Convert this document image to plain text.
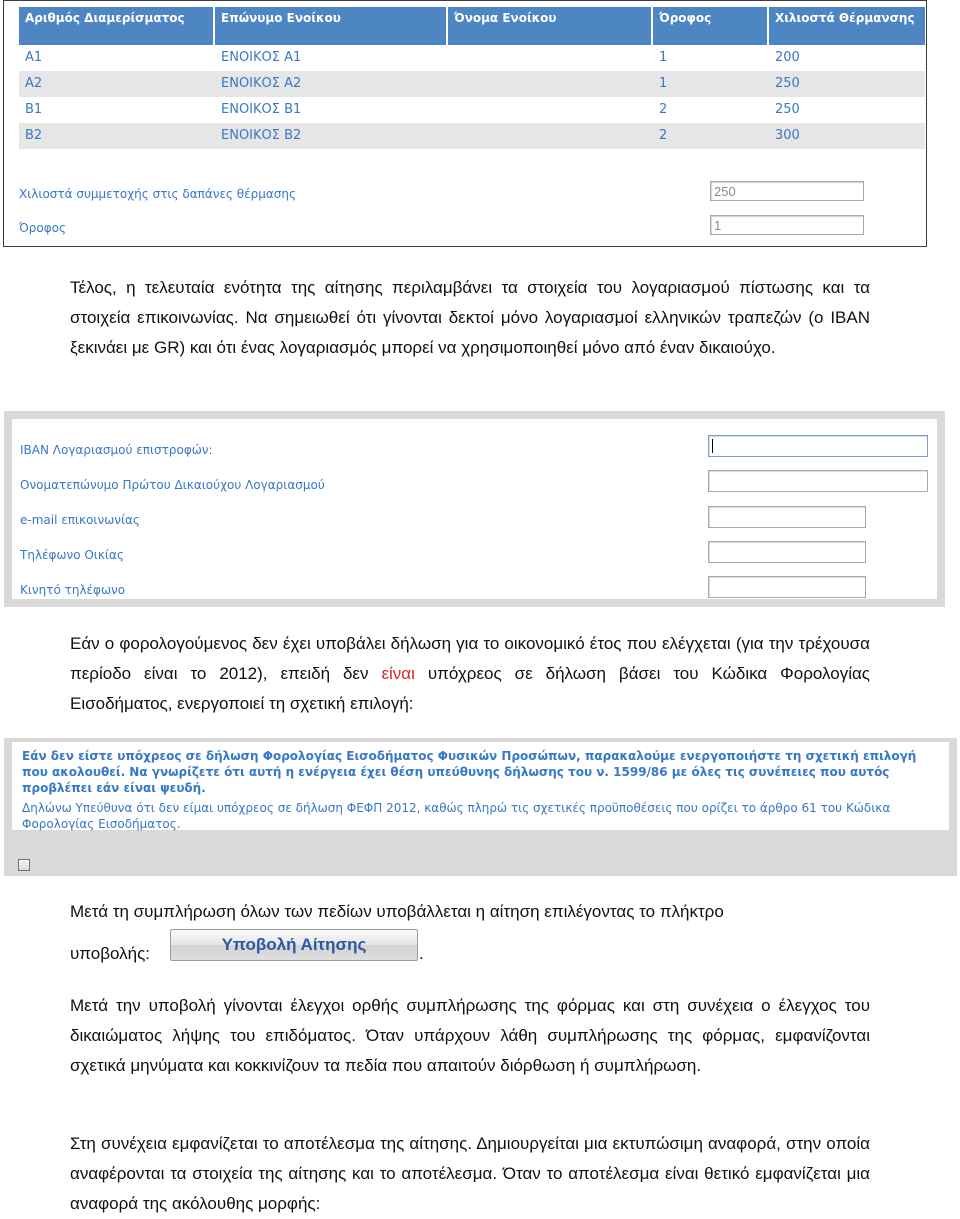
Αριθμός Διαμερίσματος	Επώνυμο Ενοίκου	Όνομα Ενοίκου	Όροφος	Χιλιοστά Θέρμανσης
A1	ΕΝΟΙΚΟΣ Α1		1	200
A2	ΕΝΟΙΚΟΣ Α2		1	250
B1	ΕΝΟΙΚΟΣ Β1		2	250
B2	ΕΝΟΙΚΟΣ Β2		2	300
Χιλιοστά συμμετοχής στις δαπάνες θέρμασης
250
Όροφος
1

Τέλος, η τελευταία ενότητα της αίτησης περιλαμβάνει τα στοιχεία του λογαριασμού πίστωσης και τα στοιχεία επικοινωνίας. Να σημειωθεί ότι γίνονται δεκτοί μόνο λογαριασμοί ελληνικών τραπεζών (ο IBAN ξεκινάει με GR) και ότι ένας λογαριασμός μπορεί να χρησιμοποιηθεί μόνο από έναν δικαιούχο.

IBAN Λογαριασμού επιστροφών:
Ονοματεπώνυμο Πρώτου Δικαιούχου Λογαριασμού
e-mail επικοινωνίας
Τηλέφωνο Οικίας
Κινητό τηλέφωνο

Εάν ο φορολογούμενος δεν έχει υποβάλει δήλωση για το οικονομικό έτος που ελέγχεται (για την τρέχουσα περίοδο είναι το 2012), επειδή δεν είναι υπόχρεος σε δήλωση βάσει του Κώδικα Φορολογίας Εισοδήματος, ενεργοποιεί τη σχετική επιλογή:

Εάν δεν είστε υπόχρεος σε δήλωση Φορολογίας Εισοδήματος Φυσικών Προσώπων, παρακαλούμε ενεργοποιήστε τη σχετική επιλογή που ακολουθεί. Να γνωρίζετε ότι αυτή η ενέργεια έχει θέση υπεύθυνης δήλωσης του ν. 1599/86 με όλες τις συνέπειες που αυτός προβλέπει εάν είναι ψευδή.

Δηλώνω Υπεύθυνα ότι δεν είμαι υπόχρεος σε δήλωση ΦΕΦΠ 2012, καθώς πληρώ τις σχετικές προϋποθέσεις που ορίζει το άρθρο 61 του Κώδικα Φορολογίας Εισοδήματος.

Μετά τη συμπλήρωση όλων των πεδίων υποβάλλεται η αίτηση επιλέγοντας το πλήκτρο

υποβολής:	Υποβολή Αίτησης	.

Μετά την υποβολή γίνονται έλεγχοι ορθής συμπλήρωσης της φόρμας και στη συνέχεια ο έλεγχος του δικαιώματος λήψης του επιδόματος. Όταν υπάρχουν λάθη συμπλήρωσης της φόρμας, εμφανίζονται σχετικά μηνύματα και κοκκινίζουν τα πεδία που απαιτούν διόρθωση ή συμπλήρωση.

Στη συνέχεια εμφανίζεται το αποτέλεσμα της αίτησης. Δημιουργείται μια εκτυπώσιμη αναφορά, στην οποία αναφέρονται τα στοιχεία της αίτησης και το αποτέλεσμα. Όταν το αποτέλεσμα είναι θετικό εμφανίζεται μια αναφορά της ακόλουθης μορφής:
